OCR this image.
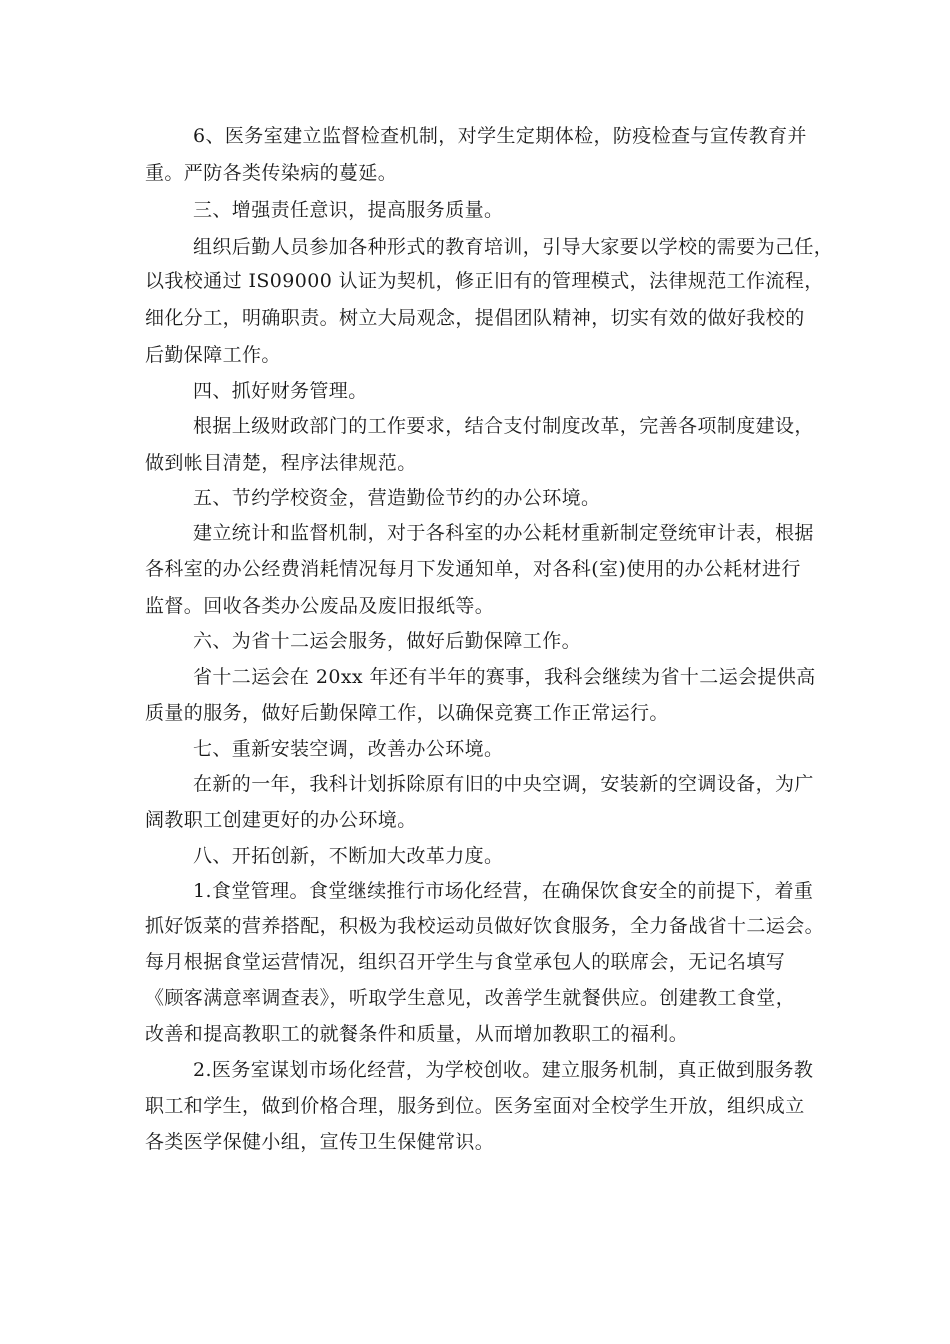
6、医务室建立监督检查机制，对学生定期体检，防疫检查与宣传教育并
重。严防各类传染病的蔓延。
三、增强责任意识，提高服务质量。
组织后勤人员参加各种形式的教育培训，引导大家要以学校的需要为己任，
以我校通过 IS09000 认证为契机，修正旧有的管理模式，法律规范工作流程，
细化分工，明确职责。树立大局观念，提倡团队精神，切实有效的做好我校的
后勤保障工作。
四、抓好财务管理。
根据上级财政部门的工作要求，结合支付制度改革，完善各项制度建设，
做到帐目清楚，程序法律规范。
五、节约学校资金，营造勤俭节约的办公环境。
建立统计和监督机制，对于各科室的办公耗材重新制定登统审计表，根据
各科室的办公经费消耗情况每月下发通知单，对各科(室)使用的办公耗材进行
监督。回收各类办公废品及废旧报纸等。
六、为省十二运会服务，做好后勤保障工作。
省十二运会在 20xx 年还有半年的赛事，我科会继续为省十二运会提供高
质量的服务，做好后勤保障工作，以确保竞赛工作正常运行。
七、重新安装空调，改善办公环境。
在新的一年，我科计划拆除原有旧的中央空调，安装新的空调设备，为广
阔教职工创建更好的办公环境。
八、开拓创新，不断加大改革力度。
1.食堂管理。食堂继续推行市场化经营，在确保饮食安全的前提下，着重
抓好饭菜的营养搭配，积极为我校运动员做好饮食服务，全力备战省十二运会。
每月根据食堂运营情况，组织召开学生与食堂承包人的联席会，无记名填写
《顾客满意率调查表》，听取学生意见，改善学生就餐供应。创建教工食堂，
改善和提高教职工的就餐条件和质量，从而增加教职工的福利。
2.医务室谋划市场化经营，为学校创收。建立服务机制，真正做到服务教
职工和学生，做到价格合理，服务到位。医务室面对全校学生开放，组织成立
各类医学保健小组，宣传卫生保健常识。
